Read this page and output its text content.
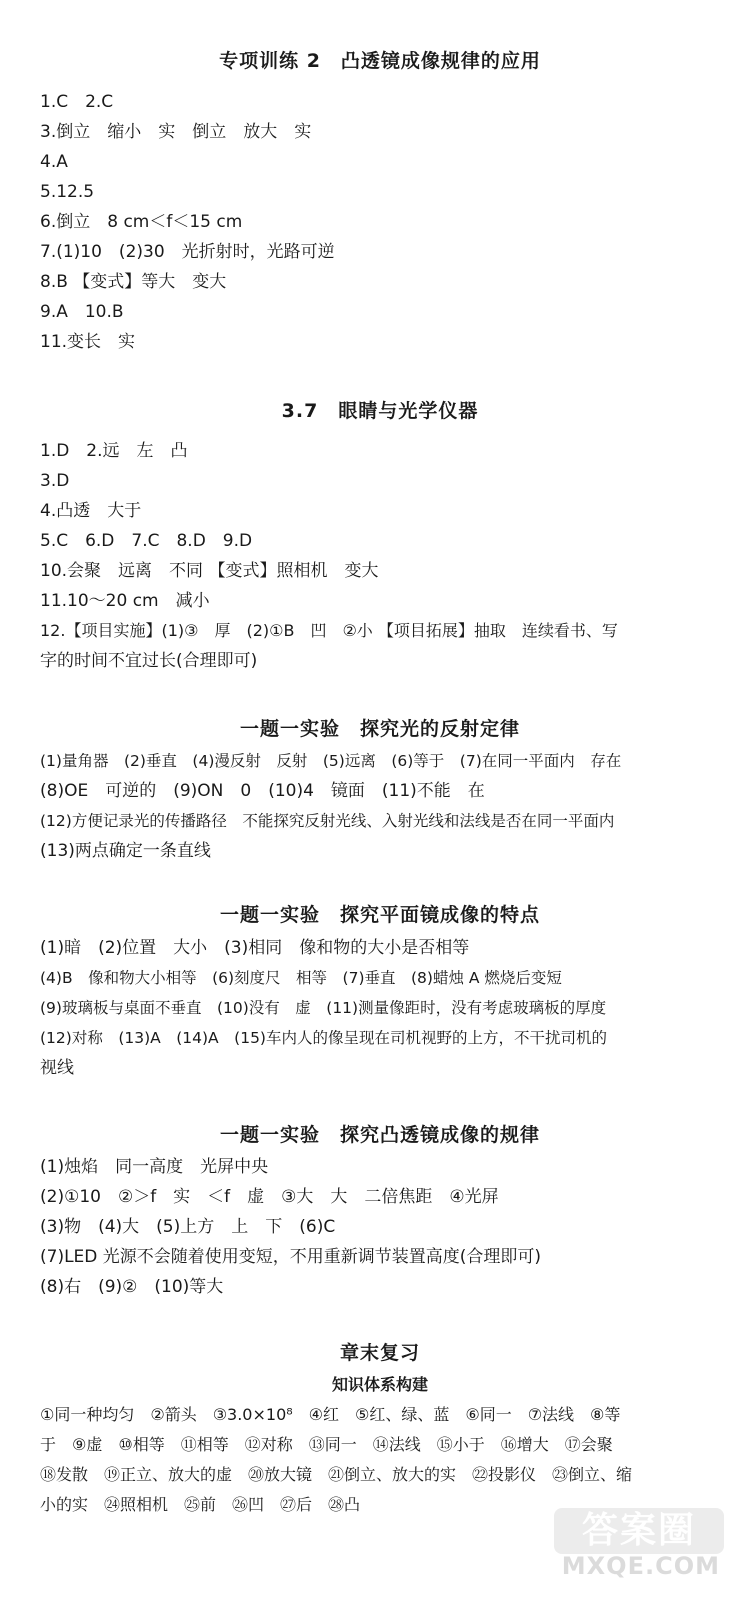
专项训练 2　凸透镜成像规律的应用
1.C　2.C
3.倒立　缩小　实　倒立　放大　实
4.A
5.12.5
6.倒立　8 cm＜f＜15 cm
7.(1)10　(2)30　光折射时，光路可逆
8.B 【变式】等大　变大
9.A　10.B
11.变长　实
3.7　眼睛与光学仪器
1.D　2.远　左　凸
3.D
4.凸透　大于
5.C　6.D　7.C　8.D　9.D
10.会聚　远离　不同 【变式】照相机　变大
11.10～20 cm　减小
12.【项目实施】(1)③　厚　(2)①B　凹　②小 【项目拓展】抽取　连续看书、写
字的时间不宜过长(合理即可)
一题一实验　探究光的反射定律
(1)量角器　(2)垂直　(4)漫反射　反射　(5)远离　(6)等于　(7)在同一平面内　存在
(8)OE　可逆的　(9)ON　0　(10)4　镜面　(11)不能　在
(12)方便记录光的传播路径　不能探究反射光线、入射光线和法线是否在同一平面内
(13)两点确定一条直线
一题一实验　探究平面镜成像的特点
(1)暗　(2)位置　大小　(3)相同　像和物的大小是否相等
(4)B　像和物大小相等　(6)刻度尺　相等　(7)垂直　(8)蜡烛 A 燃烧后变短
(9)玻璃板与桌面不垂直　(10)没有　虚　(11)测量像距时，没有考虑玻璃板的厚度
(12)对称　(13)A　(14)A　(15)车内人的像呈现在司机视野的上方，不干扰司机的
视线
一题一实验　探究凸透镜成像的规律
(1)烛焰　同一高度　光屏中央
(2)①10　②＞f　实　＜f　虚　③大　大　二倍焦距　④光屏
(3)物　(4)大　(5)上方　上　下　(6)C
(7)LED 光源不会随着使用变短，不用重新调节装置高度(合理即可)
(8)右　(9)②　(10)等大
章末复习
知识体系构建
①同一种均匀　②箭头　③3.0×10⁸　④红　⑤红、绿、蓝　⑥同一　⑦法线　⑧等
于　⑨虚　⑩相等　⑪相等　⑫对称　⑬同一　⑭法线　⑮小于　⑯增大　⑰会聚
⑱发散　⑲正立、放大的虚　⑳放大镜　㉑倒立、放大的实　㉒投影仪　㉓倒立、缩
小的实　㉔照相机　㉕前　㉖凹　㉗后　㉘凸
答案圈
MXQE.COM
